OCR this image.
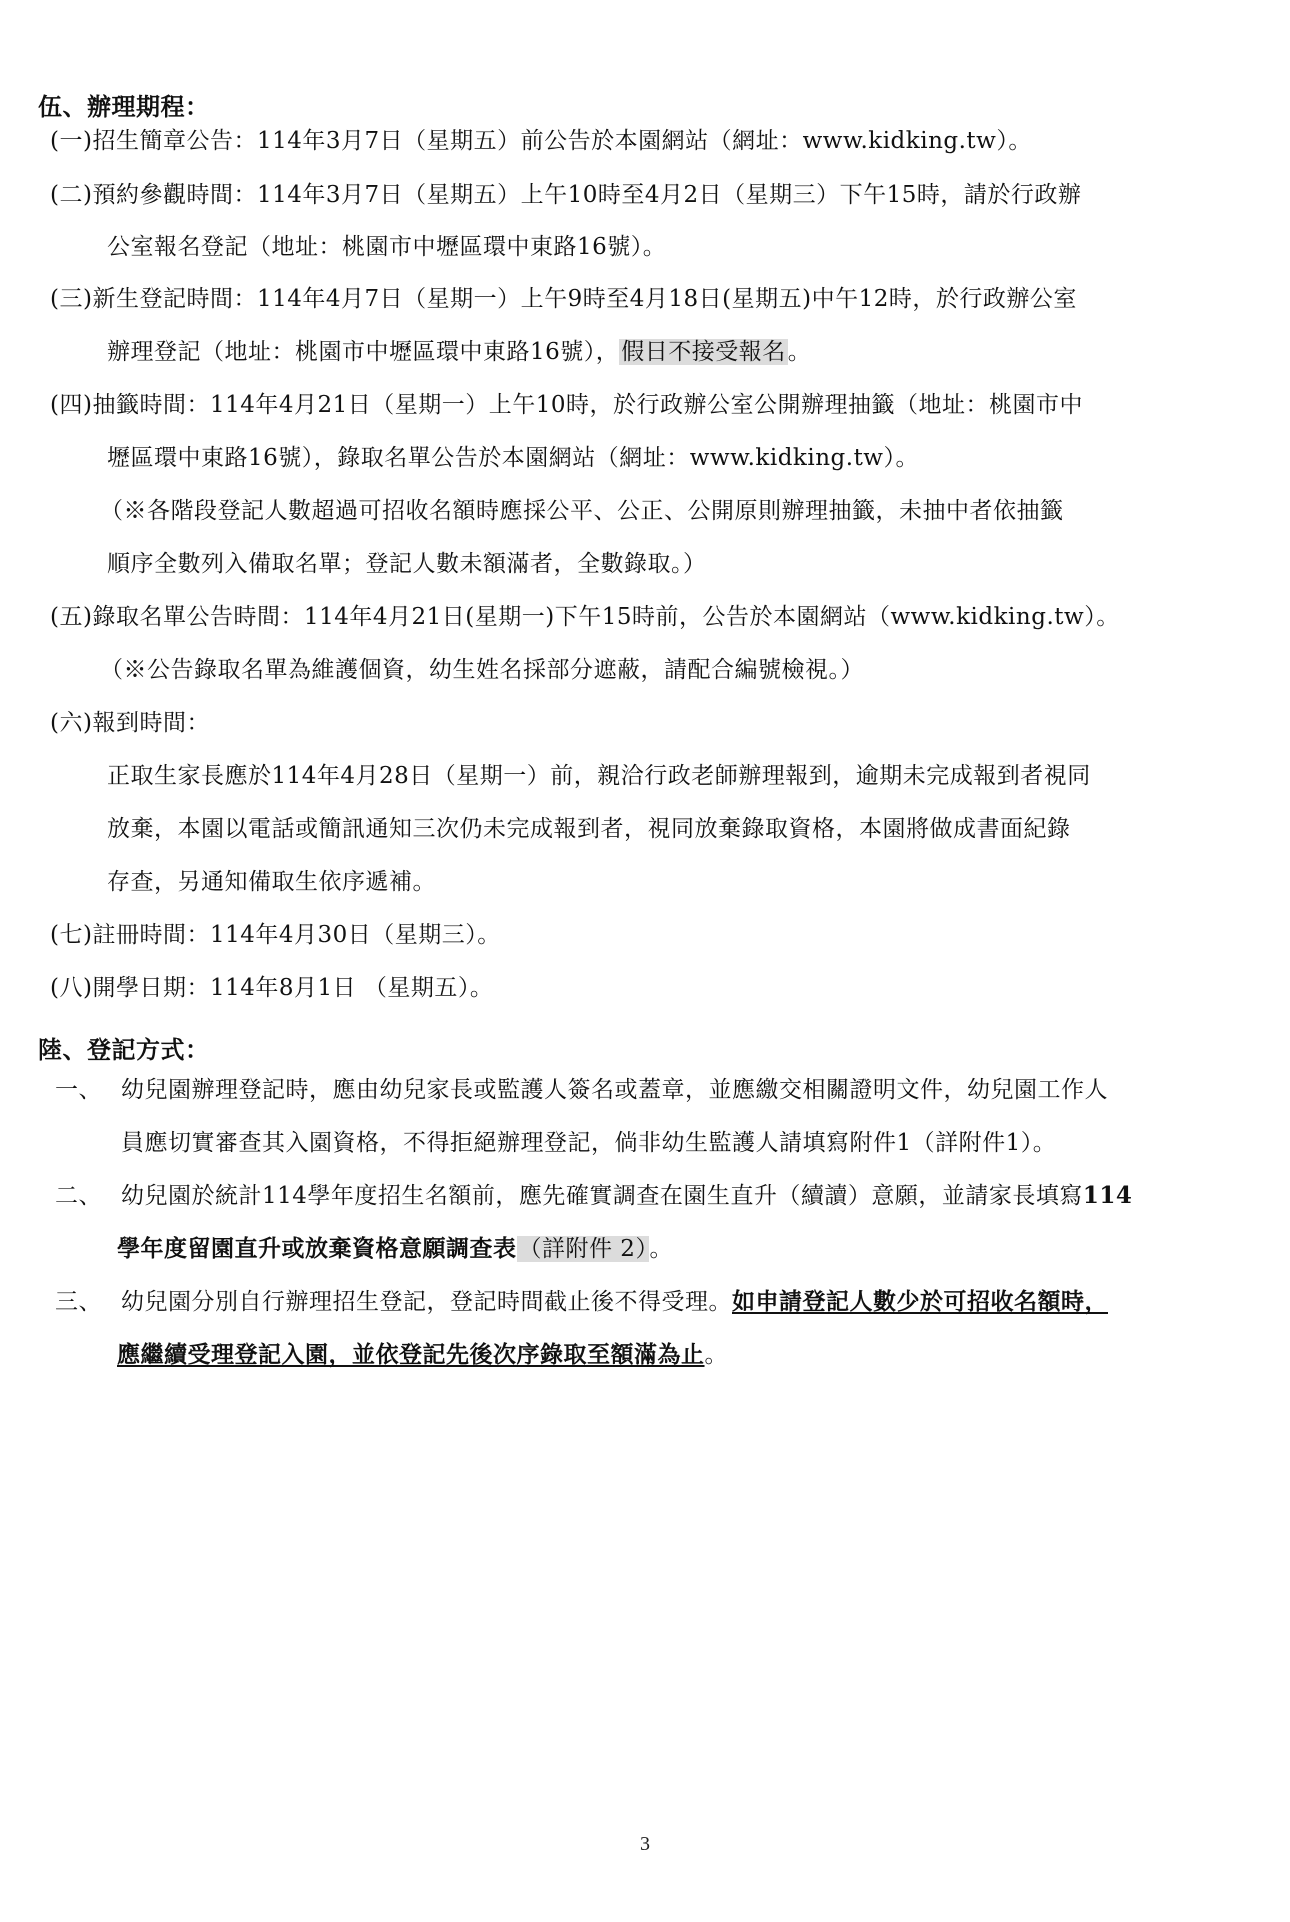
伍、辦理期程：
(一)招生簡章公告：114年3月7日（星期五）前公告於本園網站（網址：www.kidking.tw）。
(二)預約參觀時間：114年3月7日（星期五）上午10時至4月2日（星期三）下午15時，請於行政辦
公室報名登記（地址：桃園市中壢區環中東路16號）。
(三)新生登記時間：114年4月7日（星期一）上午9時至4月18日(星期五)中午12時，於行政辦公室
辦理登記（地址：桃園市中壢區環中東路16號），假日不接受報名。
(四)抽籤時間：114年4月21日（星期一）上午10時，於行政辦公室公開辦理抽籤（地址：桃園市中
壢區環中東路16號），錄取名單公告於本園網站（網址：www.kidking.tw）。
（※各階段登記人數超過可招收名額時應採公平、公正、公開原則辦理抽籤，未抽中者依抽籤
順序全數列入備取名單；登記人數未額滿者，全數錄取。）
(五)錄取名單公告時間：114年4月21日(星期一)下午15時前，公告於本園網站（www.kidking.tw）。
（※公告錄取名單為維護個資，幼生姓名採部分遮蔽，請配合編號檢視。）
(六)報到時間：
正取生家長應於114年4月28日（星期一）前，親洽行政老師辦理報到，逾期未完成報到者視同
放棄，本園以電話或簡訊通知三次仍未完成報到者，視同放棄錄取資格，本園將做成書面紀錄
存查，另通知備取生依序遞補。
(七)註冊時間：114年4月30日（星期三）。
(八)開學日期：114年8月1日 （星期五）。
陸、登記方式：
一、 幼兒園辦理登記時，應由幼兒家長或監護人簽名或蓋章，並應繳交相關證明文件，幼兒園工作人
員應切實審查其入園資格，不得拒絕辦理登記，倘非幼生監護人請填寫附件1（詳附件1）。
二、 幼兒園於統計114學年度招生名額前，應先確實調查在園生直升（續讀）意願，並請家長填寫114
學年度留園直升或放棄資格意願調查表（詳附件 2）。
三、 幼兒園分別自行辦理招生登記，登記時間截止後不得受理。如申請登記人數少於可招收名額時，
應繼續受理登記入園，並依登記先後次序錄取至額滿為止。
3
